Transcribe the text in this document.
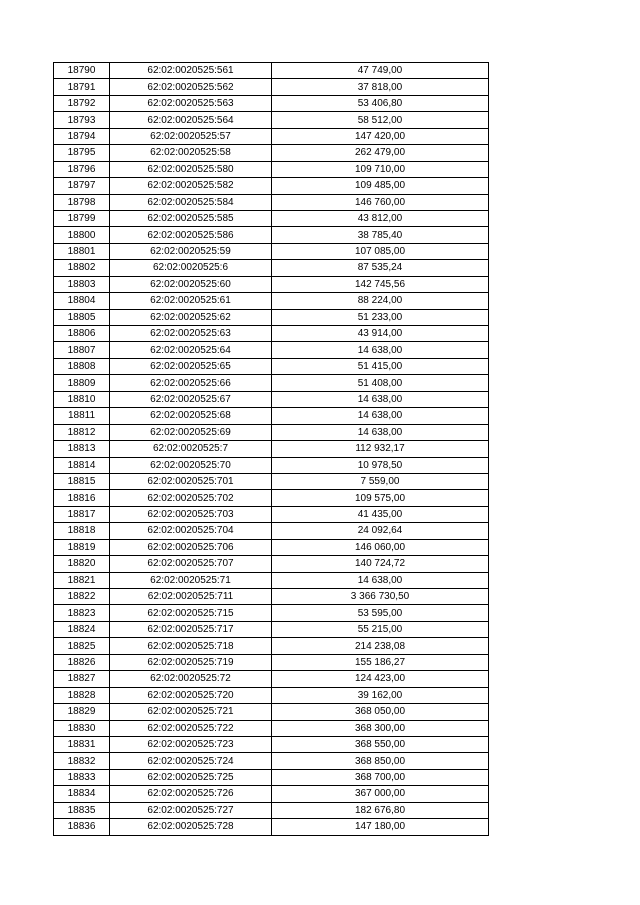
18790	62:02:0020525:561	47 749,00
18791	62:02:0020525:562	37 818,00
18792	62:02:0020525:563	53 406,80
18793	62:02:0020525:564	58 512,00
18794	62:02:0020525:57	147 420,00
18795	62:02:0020525:58	262 479,00
18796	62:02:0020525:580	109 710,00
18797	62:02:0020525:582	109 485,00
18798	62:02:0020525:584	146 760,00
18799	62:02:0020525:585	43 812,00
18800	62:02:0020525:586	38 785,40
18801	62:02:0020525:59	107 085,00
18802	62:02:0020525:6	87 535,24
18803	62:02:0020525:60	142 745,56
18804	62:02:0020525:61	88 224,00
18805	62:02:0020525:62	51 233,00
18806	62:02:0020525:63	43 914,00
18807	62:02:0020525:64	14 638,00
18808	62:02:0020525:65	51 415,00
18809	62:02:0020525:66	51 408,00
18810	62:02:0020525:67	14 638,00
18811	62:02:0020525:68	14 638,00
18812	62:02:0020525:69	14 638,00
18813	62:02:0020525:7	112 932,17
18814	62:02:0020525:70	10 978,50
18815	62:02:0020525:701	7 559,00
18816	62:02:0020525:702	109 575,00
18817	62:02:0020525:703	41 435,00
18818	62:02:0020525:704	24 092,64
18819	62:02:0020525:706	146 060,00
18820	62:02:0020525:707	140 724,72
18821	62:02:0020525:71	14 638,00
18822	62:02:0020525:711	3 366 730,50
18823	62:02:0020525:715	53 595,00
18824	62:02:0020525:717	55 215,00
18825	62:02:0020525:718	214 238,08
18826	62:02:0020525:719	155 186,27
18827	62:02:0020525:72	124 423,00
18828	62:02:0020525:720	39 162,00
18829	62:02:0020525:721	368 050,00
18830	62:02:0020525:722	368 300,00
18831	62:02:0020525:723	368 550,00
18832	62:02:0020525:724	368 850,00
18833	62:02:0020525:725	368 700,00
18834	62:02:0020525:726	367 000,00
18835	62:02:0020525:727	182 676,80
18836	62:02:0020525:728	147 180,00
